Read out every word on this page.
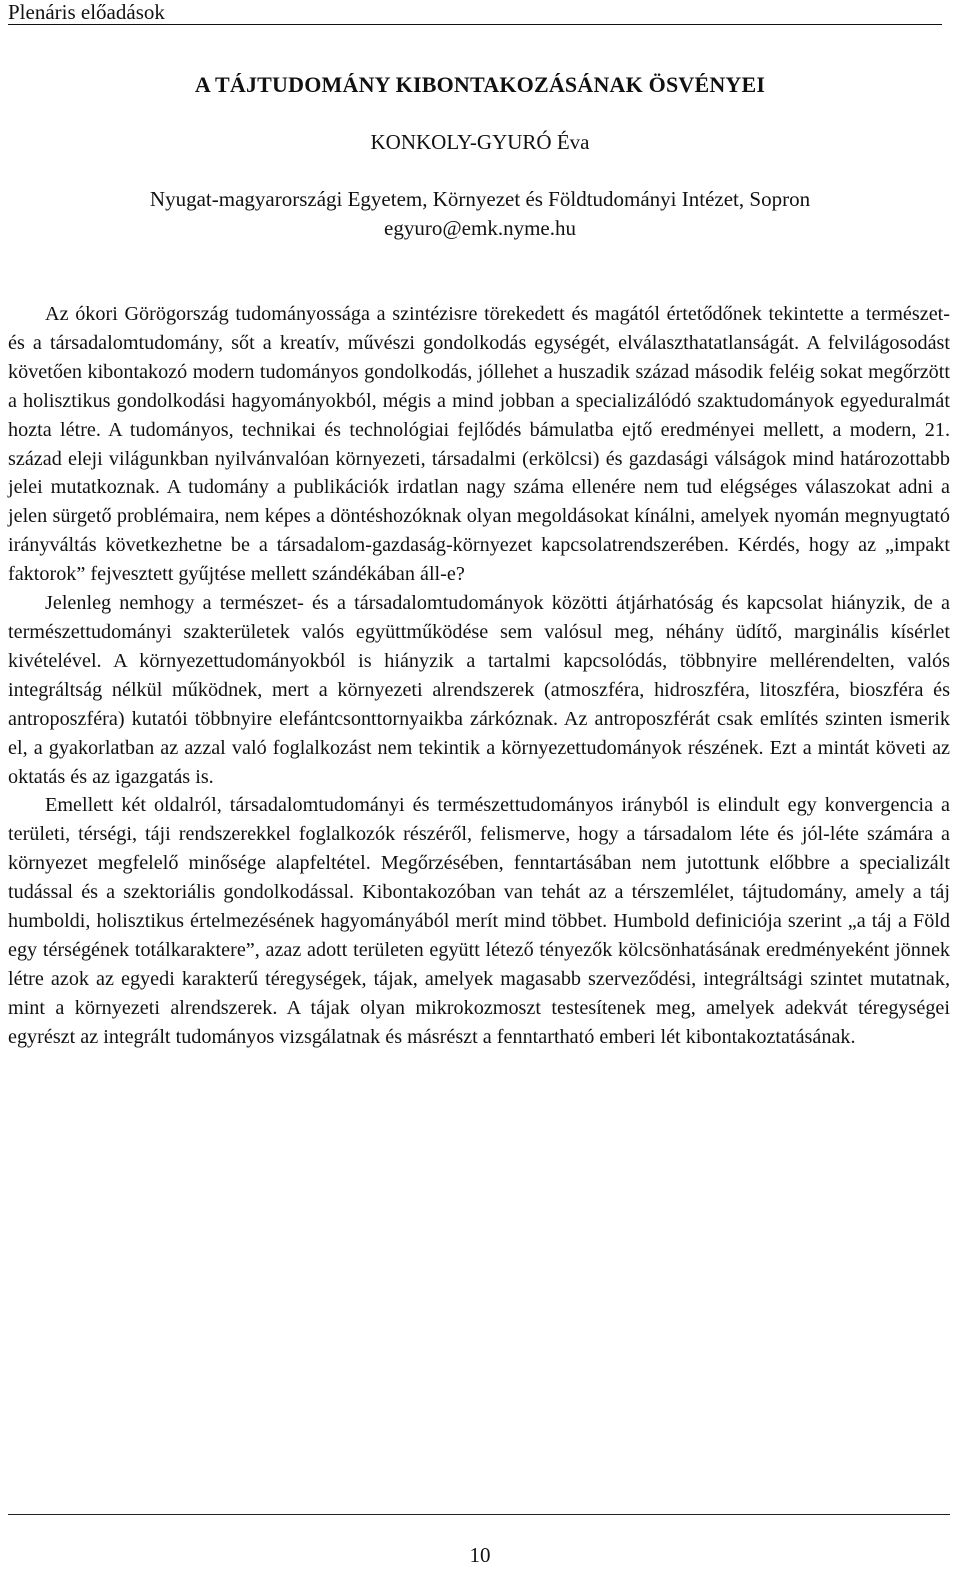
Plenáris előadások
A TÁJTUDOMÁNY KIBONTAKOZÁSÁNAK ÖSVÉNYEI
KONKOLY-GYURÓ Éva
Nyugat-magyarországi Egyetem, Környezet és Földtudományi Intézet, Sopron
egyuro@emk.nyme.hu

Az ókori Görögország tudományossága a szintézisre törekedett és magától értetődőnek tekintette a természet- és a társadalomtudomány, sőt a kreatív, művészi gondolkodás egységét, elválaszthatatlanságát. A felvilágosodást követően kibontakozó modern tudományos gondolkodás, jóllehet a huszadik század második feléig sokat megőrzött a holisztikus gondolkodási hagyományokból, mégis a mind jobban a specializálódó szaktudományok egyeduralmát hozta létre. A tudományos, technikai és technológiai fejlődés bámulatba ejtő eredményei mellett, a modern, 21. század eleji világunkban nyilvánvalóan környezeti, társadalmi (erkölcsi) és gazdasági válságok mind határozottabb jelei mutatkoznak. A tudomány a publikációk irdatlan nagy száma ellenére nem tud elégséges válaszokat adni a jelen sürgető problémaira, nem képes a döntéshozóknak olyan megoldásokat kínálni, amelyek nyomán megnyugtató irányváltás következhetne be a társadalom-gazdaság-környezet kapcsolatrendszerében. Kérdés, hogy az „impakt faktorok” fejvesztett gyűjtése mellett szándékában áll-e?

Jelenleg nemhogy a természet- és a társadalomtudományok közötti átjárhatóság és kapcsolat hiányzik, de a természettudományi szakterületek valós együttműködése sem valósul meg, néhány üdítő, marginális kísérlet kivételével. A környezettudományokból is hiányzik a tartalmi kapcsolódás, többnyire mellérendelten, valós integráltság nélkül működnek, mert a környezeti alrendszerek (atmoszféra, hidroszféra, litoszféra, bioszféra és antroposzféra) kutatói többnyire elefántcsonttornyaikba zárkóznak. Az antroposzférát csak említés szinten ismerik el, a gyakorlatban az azzal való foglalkozást nem tekintik a környezettudományok részének. Ezt a mintát követi az oktatás és az igazgatás is.

Emellett két oldalról, társadalomtudományi és természettudományos irányból is elindult egy konvergencia a területi, térségi, táji rendszerekkel foglalkozók részéről, felismerve, hogy a társadalom léte és jól-léte számára a környezet megfelelő minősége alapfeltétel. Megőrzésében, fenntartásában nem jutottunk előbbre a specializált tudással és a szektoriális gondolkodással. Kibontakozóban van tehát az a térszemlélet, tájtudomány, amely a táj humboldi, holisztikus értelmezésének hagyományából merít mind többet. Humbold definiciója szerint „a táj a Föld egy térségének totálkaraktere”, azaz adott területen együtt létező tényezők kölcsönhatásának eredményeként jönnek létre azok az egyedi karakterű téregységek, tájak, amelyek magasabb szerveződési, integráltsági szintet mutatnak, mint a környezeti alrendszerek. A tájak olyan mikrokozmoszt testesítenek meg, amelyek adekvát téregységei egyrészt az integrált tudományos vizsgálatnak és másrészt a fenntartható emberi lét kibontakoztatásának.

10
